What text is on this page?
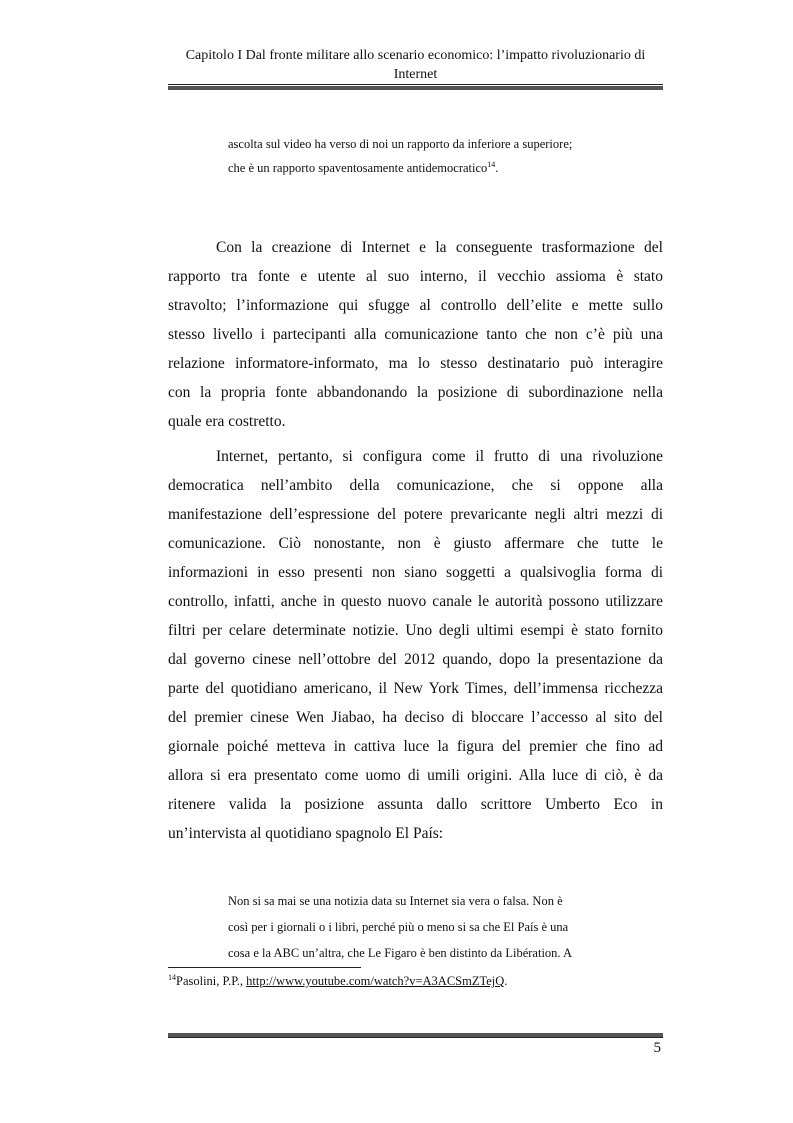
Capitolo I Dal fronte militare allo scenario economico: l’impatto rivoluzionario di
Internet
ascolta sul video ha verso di noi un rapporto da inferiore a superiore;
che è un rapporto spaventosamente antidemocratico$^{14}$.
Con la creazione di Internet e la conseguente trasformazione del
rapporto tra fonte e utente al suo interno, il vecchio assioma è stato
stravolto; l’informazione qui sfugge al controllo dell’elite e mette sullo
stesso livello i partecipanti alla comunicazione tanto che non c’è più una
relazione informatore-informato, ma lo stesso destinatario può interagire
con la propria fonte abbandonando la posizione di subordinazione nella
quale era costretto.
Internet, pertanto, si configura come il frutto di una rivoluzione
democratica nell’ambito della comunicazione, che si oppone alla
manifestazione dell’espressione del potere prevaricante negli altri mezzi di
comunicazione. Ciò nonostante, non è giusto affermare che tutte le
informazioni in esso presenti non siano soggetti a qualsivoglia forma di
controllo, infatti, anche in questo nuovo canale le autorità possono utilizzare
filtri per celare determinate notizie. Uno degli ultimi esempi è stato fornito
dal governo cinese nell’ottobre del 2012 quando, dopo la presentazione da
parte del quotidiano americano, il New York Times, dell’immensa ricchezza
del premier cinese Wen Jiabao, ha deciso di bloccare l’accesso al sito del
giornale poiché metteva in cattiva luce la figura del premier che fino ad
allora si era presentato come uomo di umili origini. Alla luce di ciò, è da
ritenere valida la posizione assunta dallo scrittore Umberto Eco in
un’intervista al quotidiano spagnolo El País:
Non si sa mai se una notizia data su Internet sia vera o falsa. Non è
così per i giornali o i libri, perché più o meno si sa che El País è una
cosa e la ABC un’altra, che Le Figaro è ben distinto da Libération. A
$^{14}$Pasolini, P.P., http://www.youtube.com/watch?v=A3ACSmZTejQ.
5
